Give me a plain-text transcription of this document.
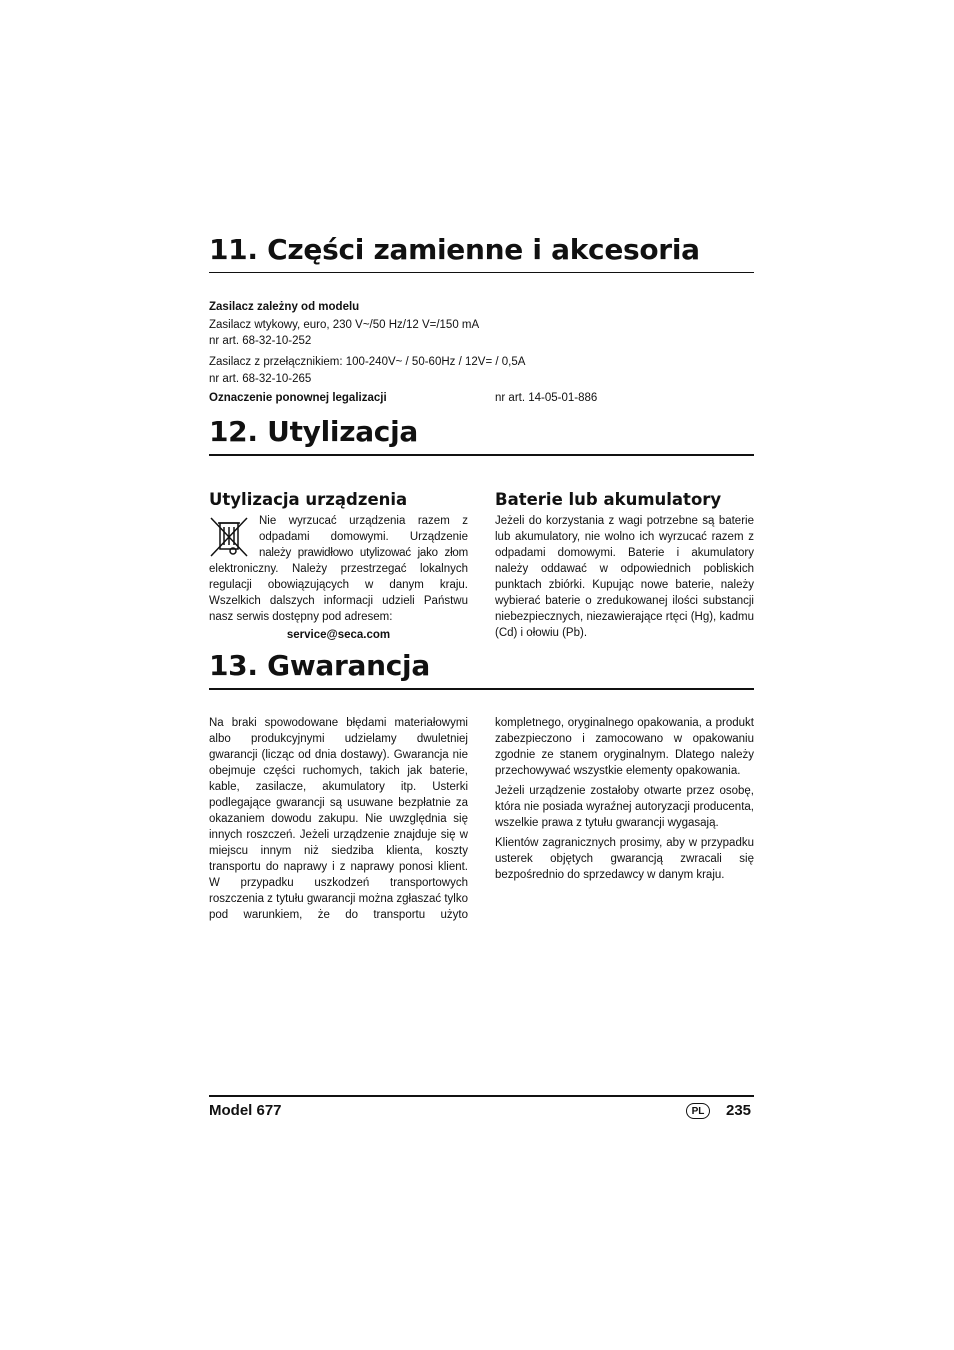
11. Części zamienne i akcesoria
Zasilacz zależny od modelu
Zasilacz wtykowy, euro, 230 V~/50 Hz/12 V=/150 mA
nr art. 68-32-10-252
Zasilacz z przełącznikiem: 100-240V~ / 50-60Hz / 12V= / 0,5A
nr art. 68-32-10-265
Oznaczenie ponownej legalizacji	nr art. 14-05-01-886
12. Utylizacja
Utylizacja urządzenia
Nie wyrzucać urządzenia razem z
odpadami domowymi. Urządzenie
należy prawidłowo utylizować jako złom
elektroniczny. Należy przestrzegać lokalnych regulacji obowiązujących w danym kraju. Wszelkich dalszych informacji udzieli Państwu nasz serwis dostępny pod adresem:
service@seca.com
Baterie lub akumulatory
Jeżeli do korzystania z wagi potrzebne są baterie lub akumulatory, nie wolno ich wyrzucać razem z odpadami domowymi. Baterie i akumulatory należy oddawać w odpowiednich pobliskich punktach zbiórki. Kupując nowe baterie, należy wybierać baterie o zredukowanej ilości substancji niebezpiecznych, niezawierające rtęci (Hg), kadmu (Cd) i ołowiu (Pb).
13. Gwarancja
Na braki spowodowane błędami materiałowymi albo produkcyjnymi udzielamy dwuletniej gwarancji (licząc od dnia dostawy). Gwarancja nie obejmuje części ruchomych, takich jak baterie, kable, zasilacze, akumulatory itp. Usterki podlegające gwarancji są usuwane bezpłatnie za okazaniem dowodu zakupu. Nie uwzględnia się innych roszczeń. Jeżeli urządzenie znajduje się w miejscu innym niż siedziba klienta, koszty transportu do naprawy i z naprawy ponosi klient. W przypadku uszkodzeń transportowych roszczenia z tytułu gwarancji można zgłaszać tylko pod warunkiem, że do transportu użyto

kompletnego, oryginalnego opakowania, a produkt zabezpieczono i zamocowano w opakowaniu zgodnie ze stanem oryginalnym. Dlatego należy przechowywać wszystkie elementy opakowania.

Jeżeli urządzenie zostałoby otwarte przez osobę, która nie posiada wyraźnej autoryzacji producenta, wszelkie prawa z tytułu gwarancji wygasają.

Klientów zagranicznych prosimy, aby w przypadku usterek objętych gwarancją zwracali się bezpośrednio do sprzedawcy w danym kraju.

Model 677	PL	235
